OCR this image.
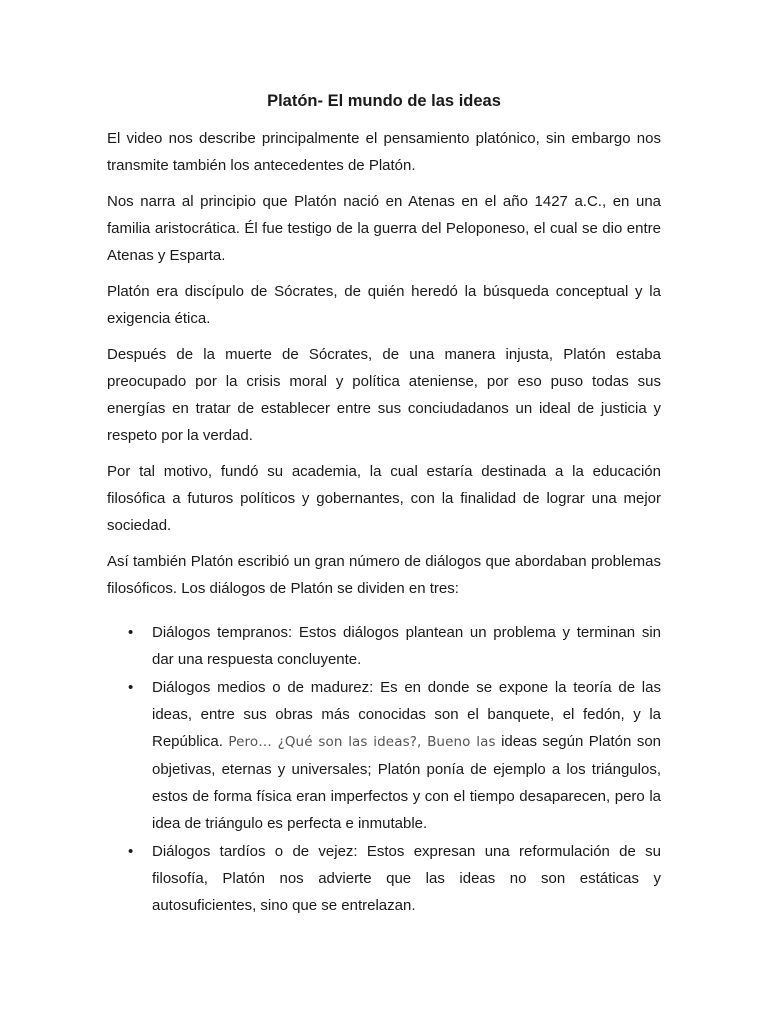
Platón- El mundo de las ideas

El video nos describe principalmente el pensamiento platónico, sin embargo nos transmite también los antecedentes de Platón.

Nos narra al principio que Platón nació en Atenas en el año 1427 a.C., en una familia aristocrática. Él fue testigo de la guerra del Peloponeso, el cual se dio entre Atenas y Esparta.

Platón era discípulo de Sócrates, de quién heredó la búsqueda conceptual y la exigencia ética.

Después de la muerte de Sócrates, de una manera injusta, Platón estaba preocupado por la crisis moral y política ateniense, por eso puso todas sus energías en tratar de establecer entre sus conciudadanos un ideal de justicia y respeto por la verdad.

Por tal motivo, fundó su academia, la cual estaría destinada a la educación filosófica a futuros políticos y gobernantes, con la finalidad de lograr una mejor sociedad.

Así también Platón escribió un gran número de diálogos que abordaban problemas filosóficos. Los diálogos de Platón se dividen en tres:

• Diálogos tempranos: Estos diálogos plantean un problema y terminan sin dar una respuesta concluyente.
• Diálogos medios o de madurez: Es en donde se expone la teoría de las ideas, entre sus obras más conocidas son el banquete, el fedón, y la República. Pero… ¿Qué son las ideas?, Bueno las ideas según Platón son objetivas, eternas y universales; Platón ponía de ejemplo a los triángulos, estos de forma física eran imperfectos y con el tiempo desaparecen, pero la idea de triángulo es perfecta e inmutable.
• Diálogos tardíos o de vejez: Estos expresan una reformulación de su filosofía, Platón nos advierte que las ideas no son estáticas y autosuficientes, sino que se entrelazan.
